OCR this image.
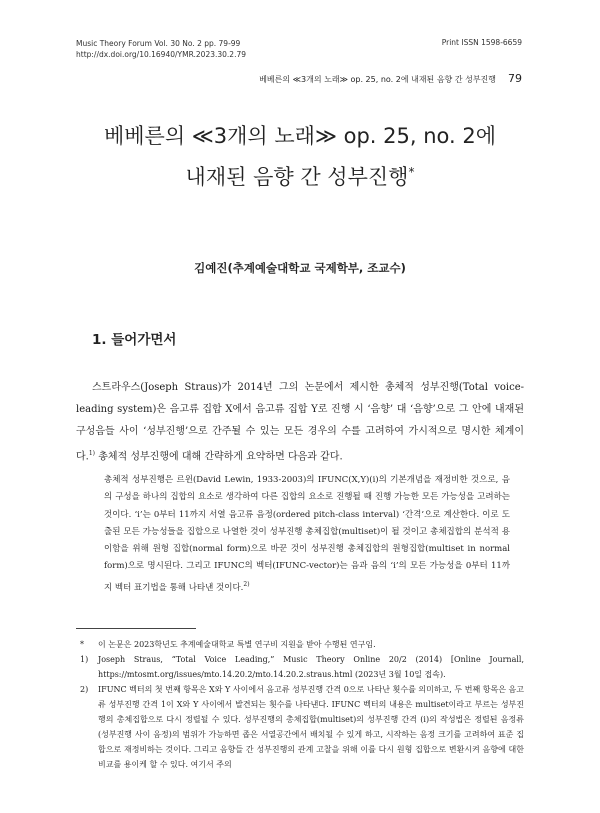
Music Theory Forum Vol. 30 No. 2 pp. 79-99
http://dx.doi.org/10.16940/YMR.2023.30.2.79
Print ISSN 1598-6659
베베른의 ≪3개의 노래≫ op. 25, no. 2에 내재된 음향 간 성부진행 79
베베른의 ≪3개의 노래≫ op. 25, no. 2에
내재된 음향 간 성부진행*
김예진(추계예술대학교 국제학부, 조교수)
1. 들어가면서

스트라우스(Joseph Straus)가 2014년 그의 논문에서 제시한 총체적 성부진행(Total voice-leading system)은 음고류 집합 X에서 음고류 집합 Y로 진행 시 ‘음향’ 대 ‘음향’으로 그 안에 내재된 구성음들 사이 ‘성부진행’으로 간주될 수 있는 모든 경우의 수를 고려하여 가시적으로 명시한 체계이다.$^{1)}$ 총체적 성부진행에 대해 간략하게 요약하면 다음과 같다.

총체적 성부진행은 르윈(David Lewin, 1933-2003)의 IFUNC(X,Y)(i)의 기본개념을 재정비한 것으로, 음의 구성을 하나의 집합의 요소로 생각하여 다른 집합의 요소로 진행될 때 진행 가능한 모든 가능성을 고려하는 것이다. ‘i’는 0부터 11까지 서열 음고류 음정(ordered pitch-class interval) ‘간격’으로 계산한다. 이로 도출된 모든 가능성들을 집합으로 나열한 것이 성부진행 총체집합(multiset)이 될 것이고 총체집합의 분석적 용이함을 위해 원형 집합(normal form)으로 바꾼 것이 성부진행 총체집합의 원형집합(multiset in normal form)으로 명시된다. 그리고 IFUNC의 벡터(IFUNC-vector)는 음과 음의 ‘i’의 모든 가능성을 0부터 11까지 벡터 표기법을 통해 나타낸 것이다.$^{2)}$

*	이 논문은 2023학년도 추계예술대학교 특별 연구비 지원을 받아 수행된 연구임.
1)	Joseph Straus, “Total Voice Leading,” Music Theory Online 20/2 (2014) [Online Journall, https://mtosmt.org/issues/mto.14.20.2/mto.14.20.2.straus.html (2023년 3월 10일 접속).
2)	IFUNC 벡터의 첫 번째 항목은 X와 Y 사이에서 음고류 성부진행 간격 0으로 나타난 횟수를 의미하고, 두 번째 항목은 음고류 성부진행 간격 1이 X와 Y 사이에서 발견되는 횟수를 나타낸다. IFUNC 벡터의 내용은 multiset이라고 부르는 성부진행의 총체집합으로 다시 정렬될 수 있다. 성부진행의 총체집합(multiset)의 성부진행 간격 (i)의 작성법은 정렬된 음정류(성부진행 사이 음정)의 범위가 가능하면 좁은 서열공간에서 배치될 수 있게 하고, 시작하는 음정 크기를 고려하여 표준 집합으로 재정비하는 것이다. 그리고 음향들 간 성부진행의 관계 고찰을 위해 이를 다시 원형 집합으로 변환시켜 음향에 대한 비교를 용이케 할 수 있다. 여기서 주의
